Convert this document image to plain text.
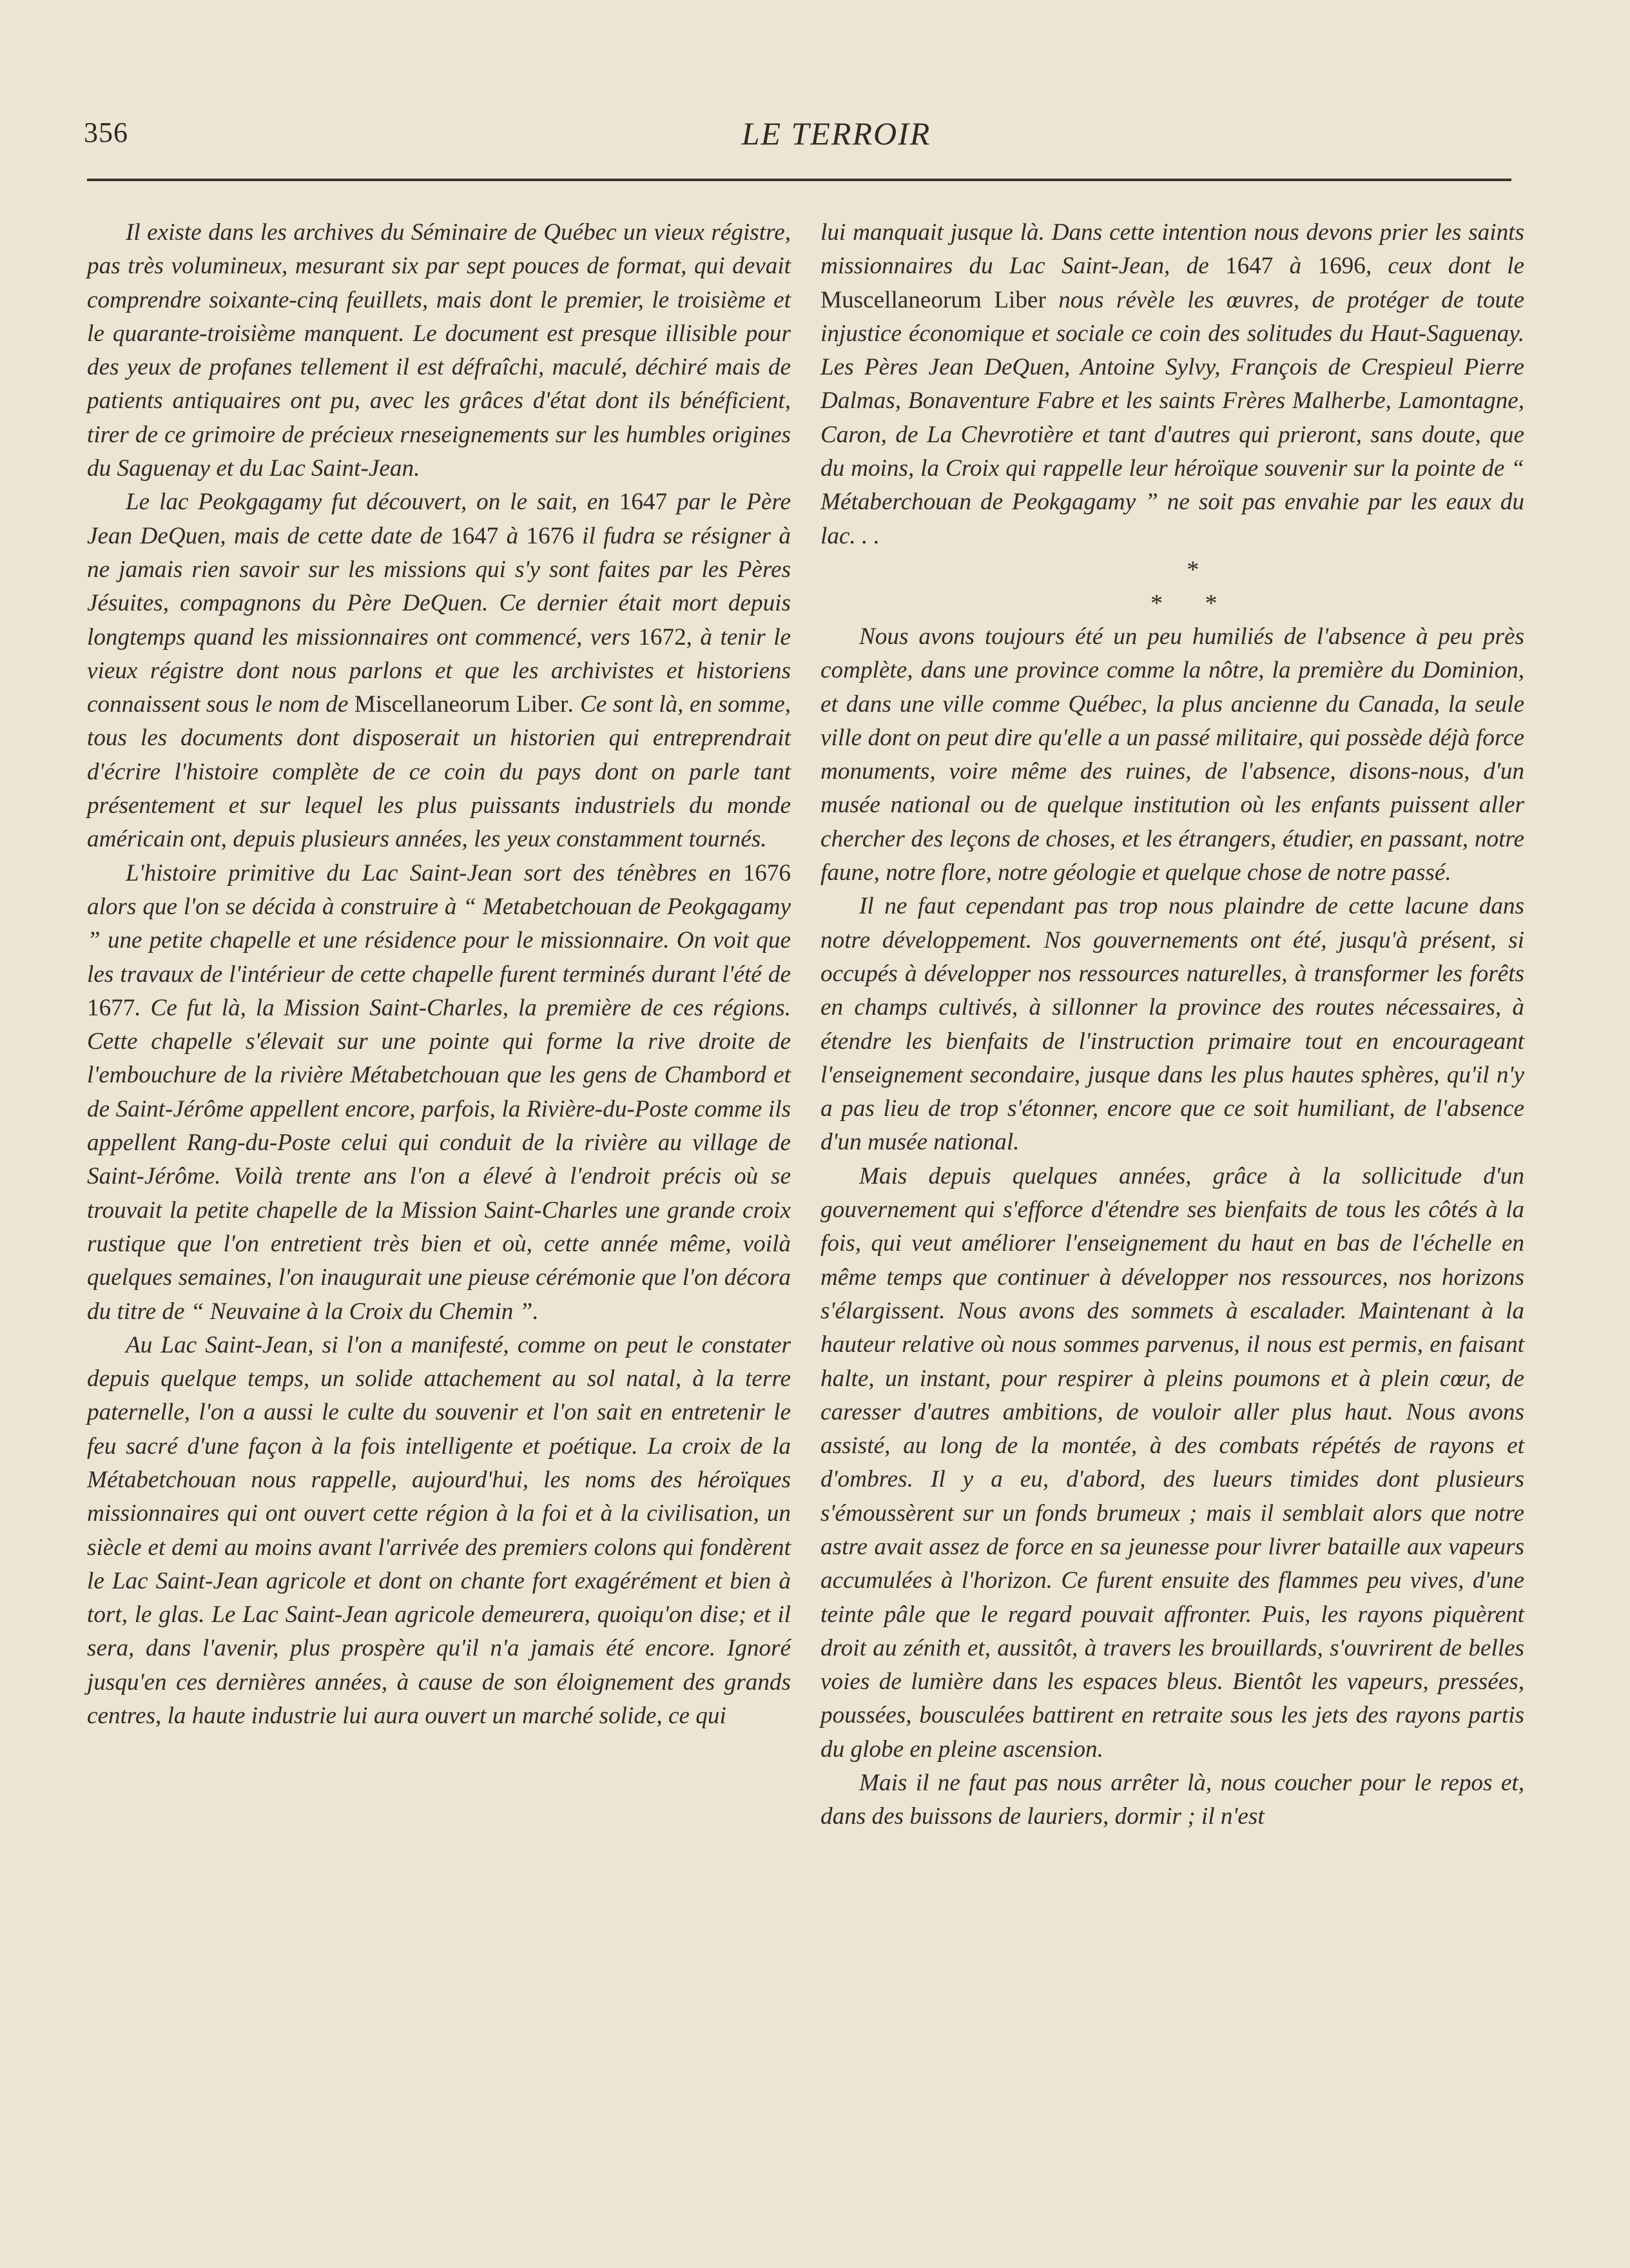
356	LE TERROIR

Il existe dans les archives du Séminaire de Québec un vieux régistre, pas très volumineux, mesurant six par sept pouces de format, qui devait comprendre soixante-cinq feuillets, mais dont le premier, le troisième et le quarante-troisième manquent. Le document est presque illisible pour des yeux de profanes tellement il est défraîchi, maculé, déchiré mais de patients antiquaires ont pu, avec les grâces d'état dont ils bénéficient, tirer de ce grimoire de précieux rneseignements sur les humbles origines du Saguenay et du Lac Saint-Jean.

Le lac Peokgagamy fut découvert, on le sait, en 1647 par le Père Jean DeQuen, mais de cette date de 1647 à 1676 il fudra se résigner à ne jamais rien savoir sur les missions qui s'y sont faites par les Pères Jésuites, compagnons du Père DeQuen. Ce dernier était mort depuis longtemps quand les missionnaires ont commencé, vers 1672, à tenir le vieux régistre dont nous parlons et que les archivistes et historiens connaissent sous le nom de Miscellaneorum Liber. Ce sont là, en somme, tous les documents dont disposerait un historien qui entreprendrait d'écrire l'histoire complète de ce coin du pays dont on parle tant présentement et sur lequel les plus puissants industriels du monde américain ont, depuis plusieurs années, les yeux constamment tournés.

L'histoire primitive du Lac Saint-Jean sort des ténèbres en 1676 alors que l'on se décida à construire à “ Metabetchouan de Peokgagamy ” une petite chapelle et une résidence pour le missionnaire. On voit que les travaux de l'intérieur de cette chapelle furent terminés durant l'été de 1677. Ce fut là, la Mission Saint-Charles, la première de ces régions. Cette chapelle s'élevait sur une pointe qui forme la rive droite de l'embouchure de la rivière Métabetchouan que les gens de Chambord et de Saint-Jérôme appellent encore, parfois, la Rivière-du-Poste comme ils appellent Rang-du-Poste celui qui conduit de la rivière au village de Saint-Jérôme. Voilà trente ans l'on a élevé à l'endroit précis où se trouvait la petite chapelle de la Mission Saint-Charles une grande croix rustique que l'on entretient très bien et où, cette année même, voilà quelques semaines, l'on inaugurait une pieuse cérémonie que l'on décora du titre de “ Neuvaine à la Croix du Chemin ”.

Au Lac Saint-Jean, si l'on a manifesté, comme on peut le constater depuis quelque temps, un solide attachement au sol natal, à la terre paternelle, l'on a aussi le culte du souvenir et l'on sait en entretenir le feu sacré d'une façon à la fois intelligente et poétique. La croix de la Métabetchouan nous rappelle, aujourd'hui, les noms des héroïques missionnaires qui ont ouvert cette région à la foi et à la civilisation, un siècle et demi au moins avant l'arrivée des premiers colons qui fondèrent le Lac Saint-Jean agricole et dont on chante fort exagérément et bien à tort, le glas. Le Lac Saint-Jean agricole demeurera, quoiqu'on dise; et il sera, dans l'avenir, plus prospère qu'il n'a jamais été encore. Ignoré jusqu'en ces dernières années, à cause de son éloignement des grands centres, la haute industrie lui aura ouvert un marché solide, ce qui

lui manquait jusque là. Dans cette intention nous devons prier les saints missionnaires du Lac Saint-Jean, de 1647 à 1696, ceux dont le Muscellaneorum Liber nous révèle les œuvres, de protéger de toute injustice économique et sociale ce coin des solitudes du Haut-Saguenay. Les Pères Jean DeQuen, Antoine Sylvy, François de Crespieul Pierre Dalmas, Bonaventure Fabre et les saints Frères Malherbe, Lamontagne, Caron, de La Chevrotière et tant d'autres qui prieront, sans doute, que du moins, la Croix qui rappelle leur héroïque souvenir sur la pointe de “ Métaberchouan de Peokgagamy ” ne soit pas envahie par les eaux du lac. . .

*

* *

Nous avons toujours été un peu humiliés de l'absence à peu près complète, dans une province comme la nôtre, la première du Dominion, et dans une ville comme Québec, la plus ancienne du Canada, la seule ville dont on peut dire qu'elle a un passé militaire, qui possède déjà force monuments, voire même des ruines, de l'absence, disons-nous, d'un musée national ou de quelque institution où les enfants puissent aller chercher des leçons de choses, et les étrangers, étudier, en passant, notre faune, notre flore, notre géologie et quelque chose de notre passé.

Il ne faut cependant pas trop nous plaindre de cette lacune dans notre développement. Nos gouvernements ont été, jusqu'à présent, si occupés à développer nos ressources naturelles, à transformer les forêts en champs cultivés, à sillonner la province des routes nécessaires, à étendre les bienfaits de l'instruction primaire tout en encourageant l'enseignement secondaire, jusque dans les plus hautes sphères, qu'il n'y a pas lieu de trop s'étonner, encore que ce soit humiliant, de l'absence d'un musée national.

Mais depuis quelques années, grâce à la sollicitude d'un gouvernement qui s'efforce d'étendre ses bienfaits de tous les côtés à la fois, qui veut améliorer l'enseignement du haut en bas de l'échelle en même temps que continuer à développer nos ressources, nos horizons s'élargissent. Nous avons des sommets à escalader. Maintenant à la hauteur relative où nous sommes parvenus, il nous est permis, en faisant halte, un instant, pour respirer à pleins poumons et à plein cœur, de caresser d'autres ambitions, de vouloir aller plus haut. Nous avons assisté, au long de la montée, à des combats répétés de rayons et d'ombres. Il y a eu, d'abord, des lueurs timides dont plusieurs s'émoussèrent sur un fonds brumeux ; mais il semblait alors que notre astre avait assez de force en sa jeunesse pour livrer bataille aux vapeurs accumulées à l'horizon. Ce furent ensuite des flammes peu vives, d'une teinte pâle que le regard pouvait affronter. Puis, les rayons piquèrent droit au zénith et, aussitôt, à travers les brouillards, s'ouvrirent de belles voies de lumière dans les espaces bleus. Bientôt les vapeurs, pressées, poussées, bousculées battirent en retraite sous les jets des rayons partis du globe en pleine ascension.

Mais il ne faut pas nous arrêter là, nous coucher pour le repos et, dans des buissons de lauriers, dormir ; il n'est
